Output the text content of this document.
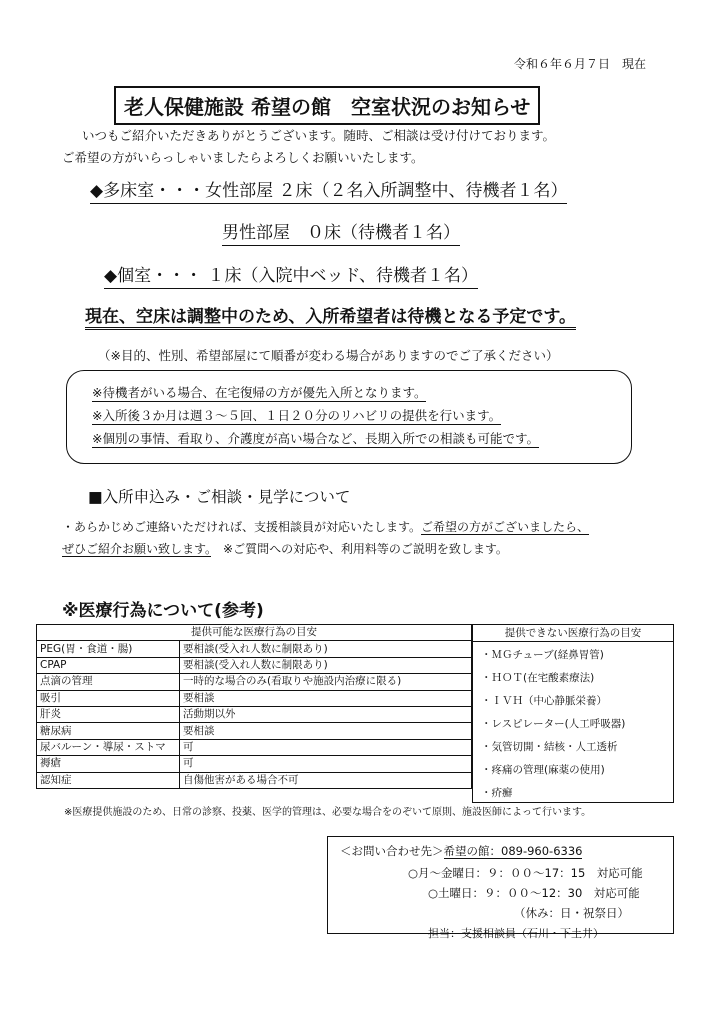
令和６年６月７日　現在
老人保健施設 希望の館　空室状況のお知らせ
いつもご紹介いただきありがとうございます。随時、ご相談は受け付けております。
ご希望の方がいらっしゃいましたらよろしくお願いいたします。
◆多床室・・・女性部屋 ２床（２名入所調整中、待機者１名）
男性部屋　０床（待機者１名）
◆個室・・・ １床（入院中ベッド、待機者１名）
現在、空床は調整中のため、入所希望者は待機となる予定です。
（※目的、性別、希望部屋にて順番が変わる場合がありますのでご了承ください）
※待機者がいる場合、在宅復帰の方が優先入所となります。
※入所後３か月は週３～５回、１日２０分のリハビリの提供を行います。
※個別の事情、看取り、介護度が高い場合など、長期入所での相談も可能です。
■入所申込み・ご相談・見学について
・あらかじめご連絡いただければ、支援相談員が対応いたします。ご希望の方がございましたら、
ぜひご紹介お願い致します。　※ご質問への対応や、利用料等のご説明を致します。
※医療行為について(参考)
提供可能な医療行為の目安	
PEG(胃・食道・腸)	要相談(受入れ人数に制限あり)
CPAP	要相談(受入れ人数に制限あり)
点滴の管理	一時的な場合のみ(看取りや施設内治療に限る)
吸引	要相談
肝炎	活動期以外
糖尿病	要相談
尿バルーン・導尿・ストマ	可
褥瘡	可
認知症	自傷他害がある場合不可
提供できない医療行為の目安
・ＭＧチューブ(経鼻胃管)
・ＨＯＴ(在宅酸素療法)
・ＩＶＨ（中心静脈栄養）
・レスピレーター(人工呼吸器)
・気管切開・結核・人工透析
・疼痛の管理(麻薬の使用)
・疥癬
※医療提供施設のため、日常の診察、投薬、医学的管理は、必要な場合をのぞいて原則、施設医師によって行います。
＜お問い合わせ先＞希望の館：089-960-6336
○月～金曜日：９：００～17：15　対応可能
○土曜日：９：００～12：30　対応可能
（休み：日・祝祭日）
担当：支援相談員（石川・下土井）
